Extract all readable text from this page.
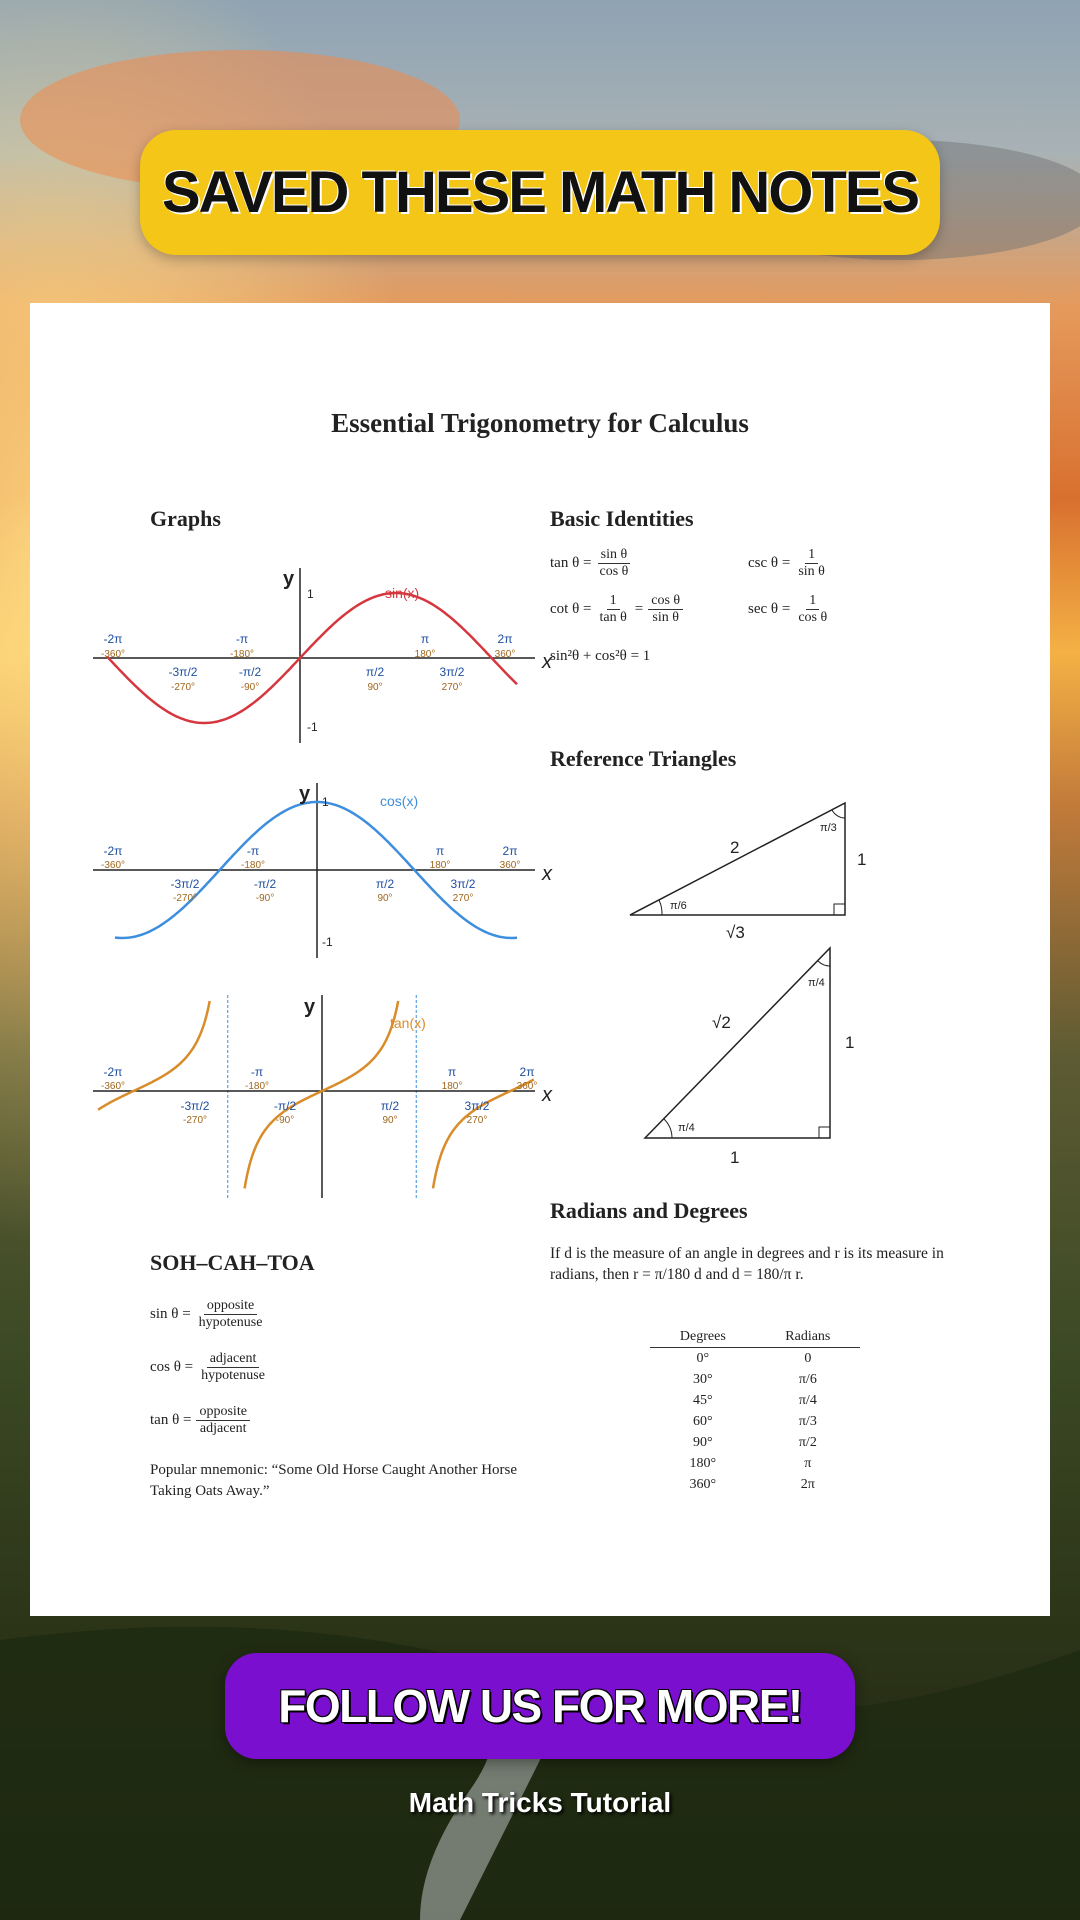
SAVED THESE MATH NOTES
Essential Trigonometry for Calculus
Graphs
x
y
1
-1
sin(x)
-2π
-360°
-π
-180°
π
180°
2π
360°
-3π/2
-270°
-π/2
-90°
π/2
90°
3π/2
270°
x
y 1
-1
cos(x)
-2π
-360°
-π
-180°
π
180°
2π
360°
-3π/2
-270°
-π/2
-90°
π/2
90°
3π/2
270°
x
y
tan(x)
-2π
-360°
-π
-180°
π
180°
2π
360°
-3π/2
-270°
-π/2
-90°
π/2
90°
3π/2
270°
Basic Identities
$\tan \theta = \frac{\text{sin θ}}{\text{cos θ}}$	$\csc \theta = \frac{1}{\text{sin θ}}$
$\cot \theta = \frac{1}{\text{tan θ}} = \frac{\text{cos θ}}{\text{sin θ}}$	$\sec \theta = \frac{1}{\text{cos θ}}$
sin²θ + cos²θ = 1
Reference Triangles
2
1
√3
π/6
π/3
√2
1
1
π/4
π/4
Radians and Degrees
If d is the measure of an angle in degrees and r is its measure in radians, then r = π/180 d and d = 180/π r.
Degrees	Radians
0°	0
30°	π/6
45°	π/4
60°	π/3
90°	π/2
180°	π
360°	2π
SOH–CAH–TOA
$\sin \theta = \frac{\text{opposite}}{\text{hypotenuse}}$
$\cos \theta = \frac{\text{adjacent}}{\text{hypotenuse}}$
$\tan \theta = \frac{\text{opposite}}{\text{adjacent}}$
Popular mnemonic: “Some Old Horse Caught Another Horse Taking Oats Away.”
FOLLOW US FOR MORE!
Math Tricks Tutorial
